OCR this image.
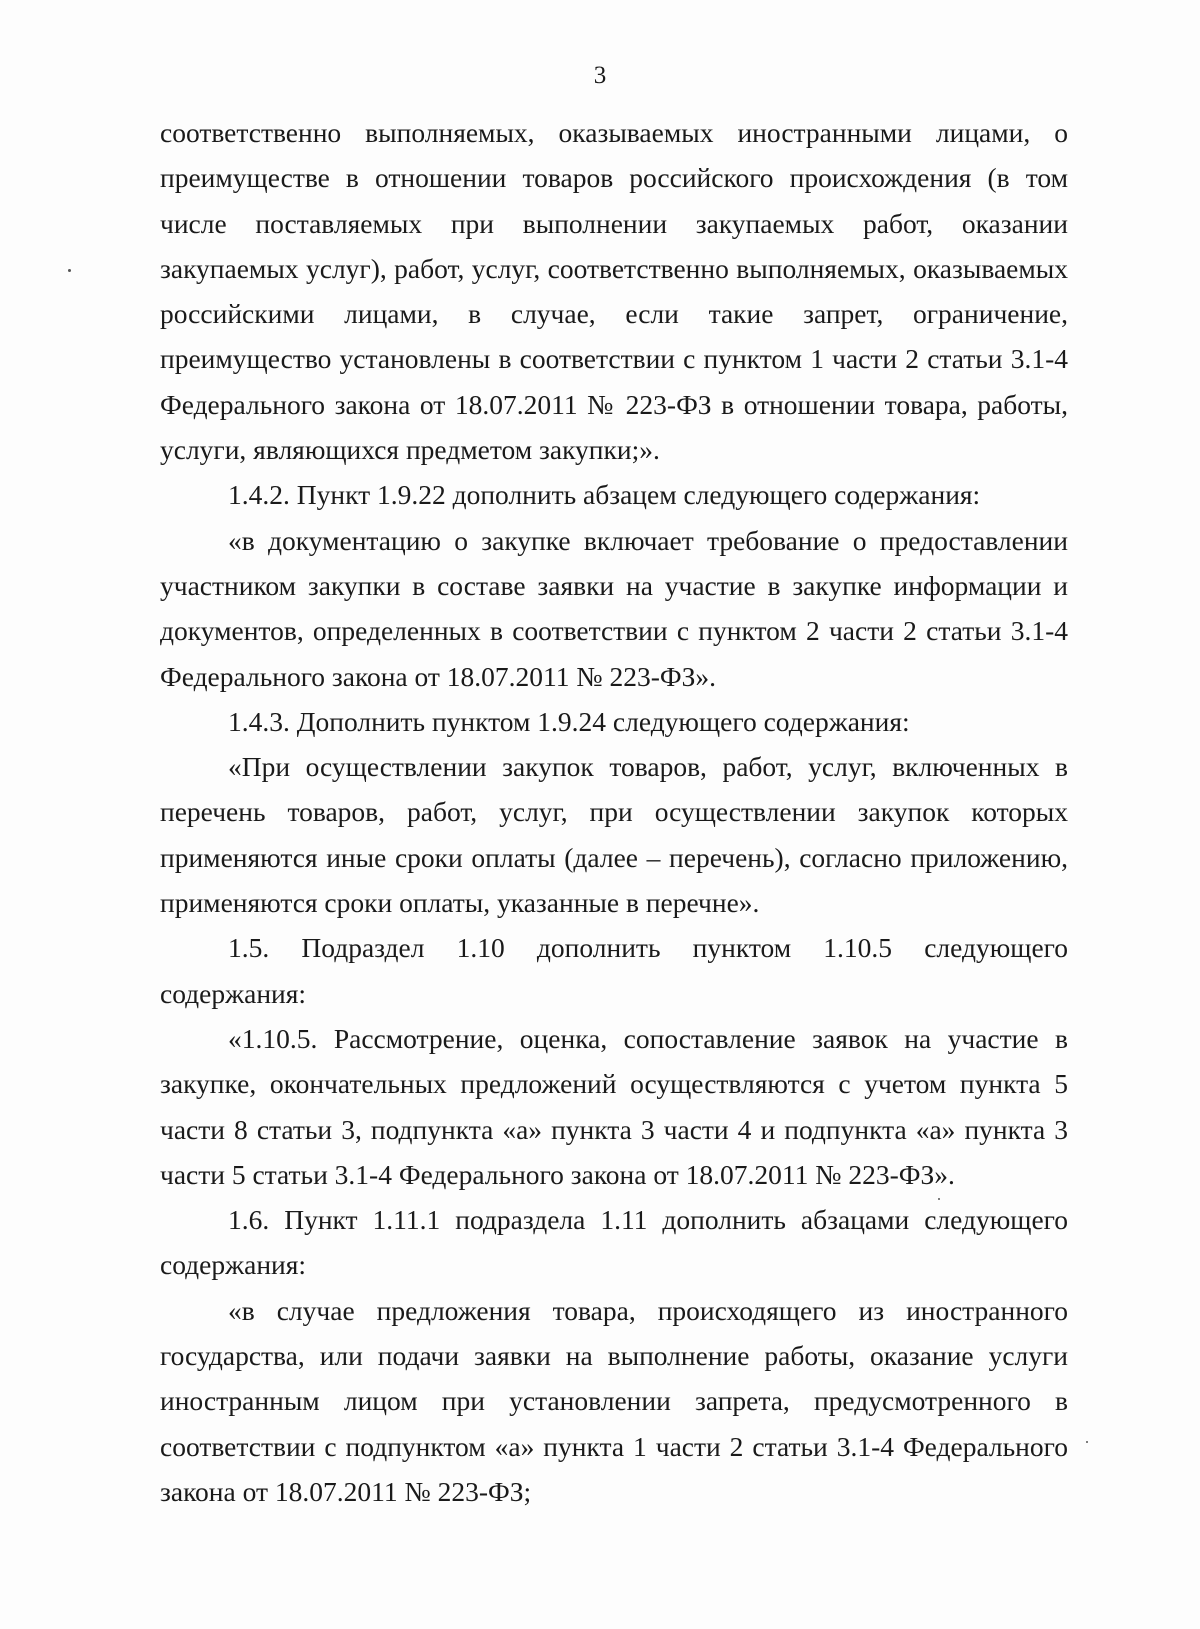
3

соответственно выполняемых, оказываемых иностранными лицами, о преимуществе в отношении товаров российского происхождения (в том числе поставляемых при выполнении закупаемых работ, оказании закупаемых услуг), работ, услуг, соответственно выполняемых, оказываемых российскими лицами, в случае, если такие запрет, ограничение, преимущество установлены в соответствии с пунктом 1 части 2 статьи 3.1-4 Федерального закона от 18.07.2011 № 223-ФЗ в отношении товара, работы, услуги, являющихся предметом закупки;».

1.4.2. Пункт 1.9.22 дополнить абзацем следующего содержания:

«в документацию о закупке включает требование о предоставлении участником закупки в составе заявки на участие в закупке информации и документов, определенных в соответствии с пунктом 2 части 2 статьи 3.1-4 Федерального закона от 18.07.2011 № 223-ФЗ».

1.4.3. Дополнить пунктом 1.9.24 следующего содержания:

«При осуществлении закупок товаров, работ, услуг, включенных в перечень товаров, работ, услуг, при осуществлении закупок которых применяются иные сроки оплаты (далее – перечень), согласно приложению, применяются сроки оплаты, указанные в перечне».

1.5. Подраздел 1.10 дополнить пунктом 1.10.5 следующего содержания:

«1.10.5. Рассмотрение, оценка, сопоставление заявок на участие в закупке, окончательных предложений осуществляются с учетом пункта 5 части 8 статьи 3, подпункта «а» пункта 3 части 4 и подпункта «а» пункта 3 части 5 статьи 3.1-4 Федерального закона от 18.07.2011 № 223-ФЗ».

1.6. Пункт 1.11.1 подраздела 1.11 дополнить абзацами следующего содержания:

«в случае предложения товара, происходящего из иностранного государства, или подачи заявки на выполнение работы, оказание услуги иностранным лицом при установлении запрета, предусмотренного в соответствии с подпунктом «а» пункта 1 части 2 статьи 3.1-4 Федерального закона от 18.07.2011 № 223-ФЗ;
